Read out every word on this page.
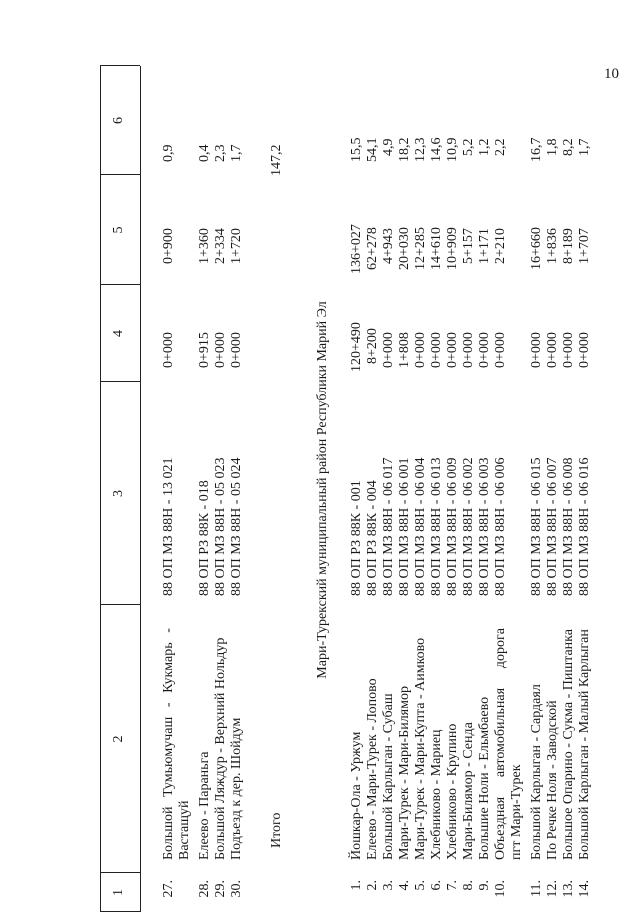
10
1
2
3
4
5
6
27.
Большой
Тумьюмучаш
-
Кукмарь
-
Вастащуй
88 ОП МЗ 88Н - 13 021
0+000
0+900
0,9
28.
Елеево - Параньга
88 ОП РЗ 88К - 018
0+915
1+360
0,4
29.
Большой Ляждур - Верхний Нольдур
88 ОП МЗ 88Н - 05 023
0+000
2+334
2,3
30.
Подъезд к дер. Шойдум
88 ОП МЗ 88Н - 05 024
0+000
1+720
1,7
Итого
147,2
Мари-Турекский муниципальный район Республики Марий Эл
1.
Йошкар-Ола - Уржум
88 ОП РЗ 88К - 001
120+490
136+027
15,5
2.
Елеево - Мари-Турек - Лопово
88 ОП РЗ 88К - 004
8+200
62+278
54,1
3.
Большой Карлыган - Субаш
88 ОП МЗ 88Н - 06 017
0+000
4+943
4,9
4.
Мари-Турек - Мари-Билямор
88 ОП МЗ 88Н - 06 001
1+808
20+030
18,2
5.
Мари-Турек - Мари-Купта - Аимково
88 ОП МЗ 88Н - 06 004
0+000
12+285
12,3
6.
Хлебниково - Мариец
88 ОП МЗ 88Н - 06 013
0+000
14+610
14,6
7.
Хлебниково - Крупино
88 ОП МЗ 88Н - 06 009
0+000
10+909
10,9
8.
Мари-Билямор - Сенда
88 ОП МЗ 88Н - 06 002
0+000
5+157
5,2
9.
Большие Ноли - Ельмбаево
88 ОП МЗ 88Н - 06 003
0+000
1+171
1,2
10.
Объездная
автомобильная
дорога
пгт Мари-Турек
88 ОП МЗ 88Н - 06 006
0+000
2+210
2,2
11.
Большой Карлыган - Сардаял
88 ОП МЗ 88Н - 06 015
0+000
16+660
16,7
12.
По Речке Ноля - Заводской
88 ОП МЗ 88Н - 06 007
0+000
1+836
1,8
13.
Большое Опарино - Сукма - Пиштанка
88 ОП МЗ 88Н - 06 008
0+000
8+189
8,2
14.
Большой Карлыган - Малый Карлыган
88 ОП МЗ 88Н - 06 016
0+000
1+707
1,7
